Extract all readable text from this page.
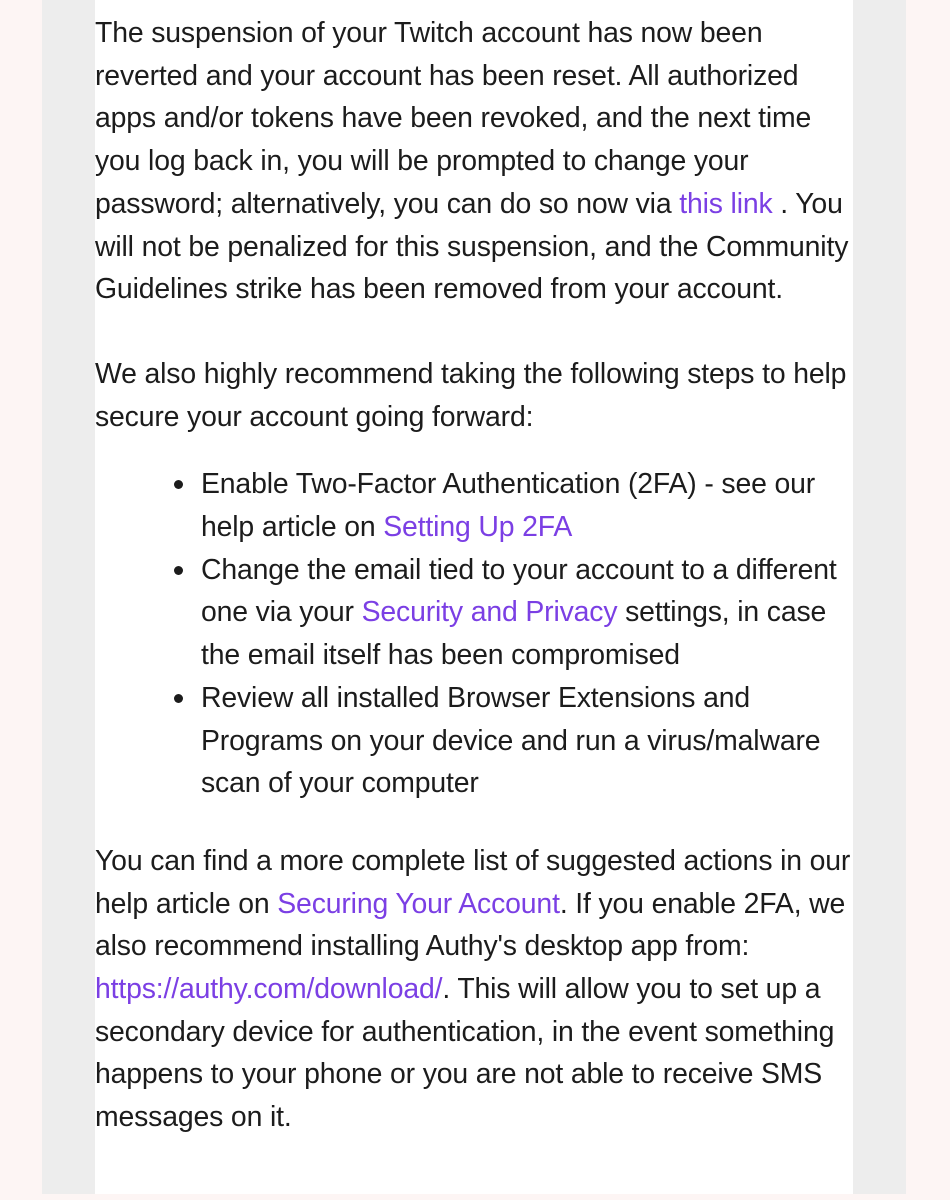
The suspension of your Twitch account has now been reverted and your account has been reset. All authorized apps and/or tokens have been revoked, and the next time you log back in, you will be prompted to change your password; alternatively, you can do so now via this link . You will not be penalized for this suspension, and the Community Guidelines strike has been removed from your account.

We also highly recommend taking the following steps to help secure your account going forward:

Enable Two-Factor Authentication (2FA) - see our help article on Setting Up 2FA
Change the email tied to your account to a different one via your Security and Privacy settings, in case the email itself has been compromised
Review all installed Browser Extensions and Programs on your device and run a virus/malware scan of your computer

You can find a more complete list of suggested actions in our help article on Securing Your Account. If you enable 2FA, we also recommend installing Authy's desktop app from: https://authy.com/download/. This will allow you to set up a secondary device for authentication, in the event something happens to your phone or you are not able to receive SMS messages on it.
